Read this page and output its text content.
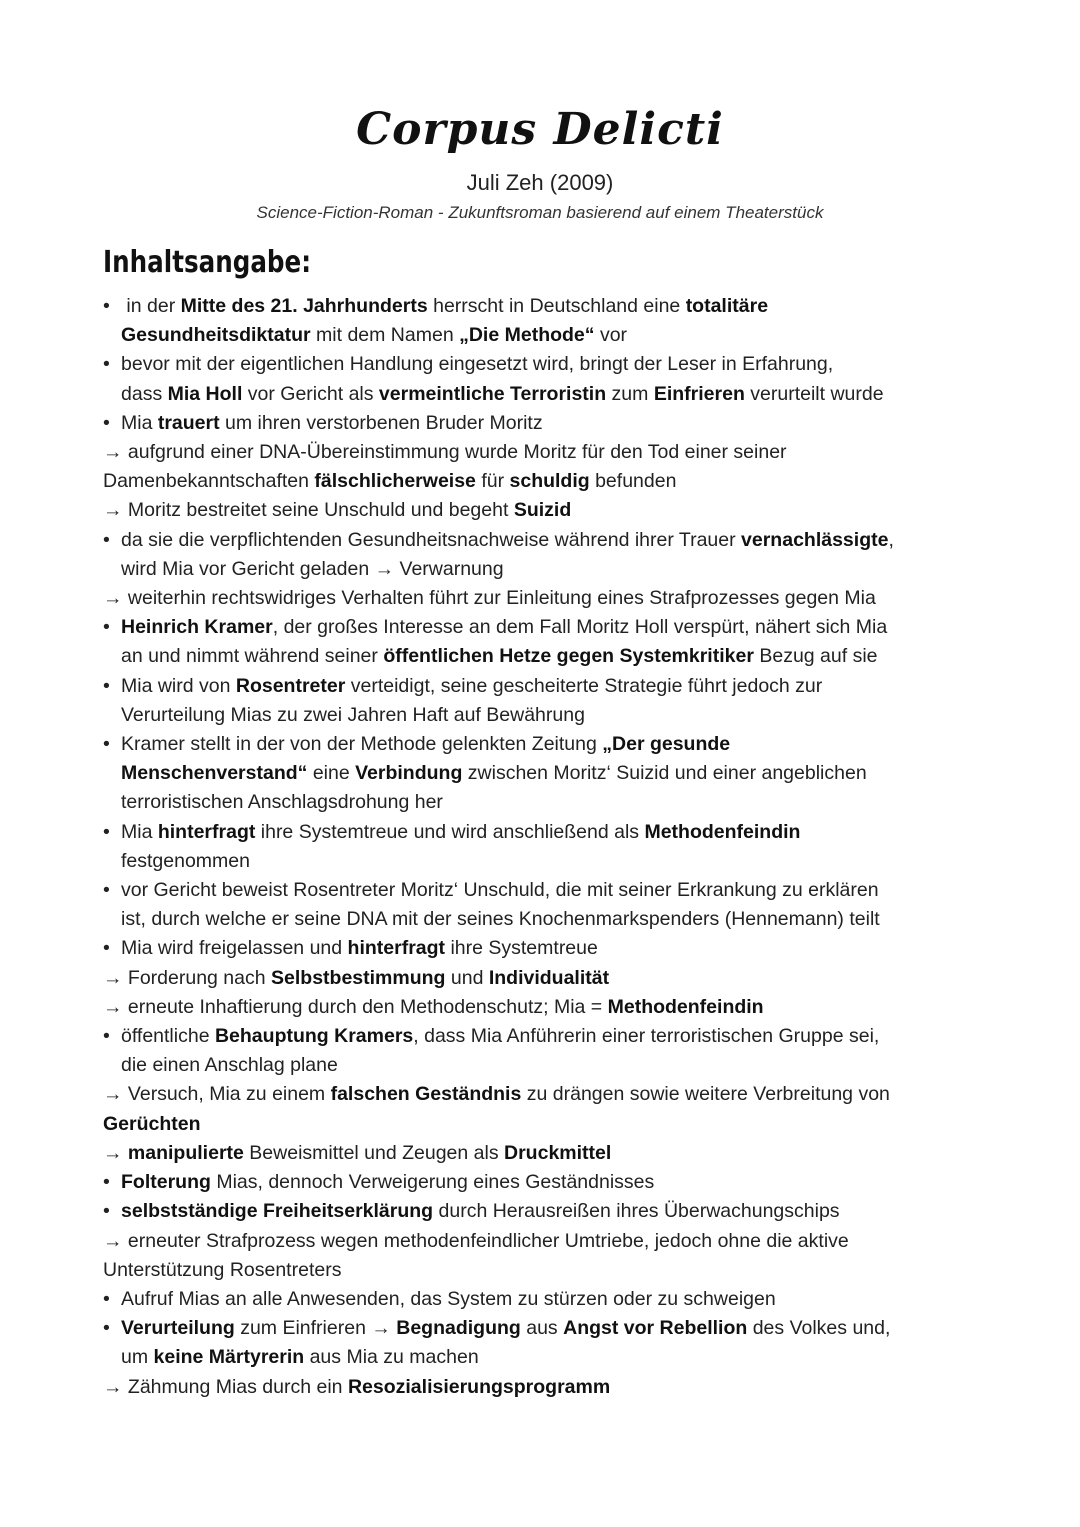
Corpus Delicti
Juli Zeh (2009)
Science-Fiction-Roman - Zukunftsroman basierend auf einem Theaterstück
Inhaltsangabe:
•  in der Mitte des 21. Jahrhunderts herrscht in Deutschland eine totalitäre
Gesundheitsdiktatur mit dem Namen „Die Methode“ vor
• bevor mit der eigentlichen Handlung eingesetzt wird, bringt der Leser in Erfahrung,
dass Mia Holl vor Gericht als vermeintliche Terroristin zum Einfrieren verurteilt wurde
• Mia trauert um ihren verstorbenen Bruder Moritz
→ aufgrund einer DNA-Übereinstimmung wurde Moritz für den Tod einer seiner
Damenbekanntschaften fälschlicherweise für schuldig befunden
→ Moritz bestreitet seine Unschuld und begeht Suizid
• da sie die verpflichtenden Gesundheitsnachweise während ihrer Trauer vernachlässigte,
wird Mia vor Gericht geladen → Verwarnung
→ weiterhin rechtswidriges Verhalten führt zur Einleitung eines Strafprozesses gegen Mia
• Heinrich Kramer, der großes Interesse an dem Fall Moritz Holl verspürt, nähert sich Mia
an und nimmt während seiner öffentlichen Hetze gegen Systemkritiker Bezug auf sie
• Mia wird von Rosentreter verteidigt, seine gescheiterte Strategie führt jedoch zur
Verurteilung Mias zu zwei Jahren Haft auf Bewährung
• Kramer stellt in der von der Methode gelenkten Zeitung „Der gesunde
Menschenverstand“ eine Verbindung zwischen Moritz‘ Suizid und einer angeblichen
terroristischen Anschlagsdrohung her
• Mia hinterfragt ihre Systemtreue und wird anschließend als Methodenfeindin
festgenommen
• vor Gericht beweist Rosentreter Moritz‘ Unschuld, die mit seiner Erkrankung zu erklären
ist, durch welche er seine DNA mit der seines Knochenmarkspenders (Hennemann) teilt
• Mia wird freigelassen und hinterfragt ihre Systemtreue
→ Forderung nach Selbstbestimmung und Individualität
→ erneute Inhaftierung durch den Methodenschutz; Mia = Methodenfeindin
• öffentliche Behauptung Kramers, dass Mia Anführerin einer terroristischen Gruppe sei,
die einen Anschlag plane
→ Versuch, Mia zu einem falschen Geständnis zu drängen sowie weitere Verbreitung von
Gerüchten
→ manipulierte Beweismittel und Zeugen als Druckmittel
• Folterung Mias, dennoch Verweigerung eines Geständnisses
• selbstständige Freiheitserklärung durch Herausreißen ihres Überwachungschips
→ erneuter Strafprozess wegen methodenfeindlicher Umtriebe, jedoch ohne die aktive
Unterstützung Rosentreters
• Aufruf Mias an alle Anwesenden, das System zu stürzen oder zu schweigen
• Verurteilung zum Einfrieren → Begnadigung aus Angst vor Rebellion des Volkes und,
um keine Märtyrerin aus Mia zu machen
→ Zähmung Mias durch ein Resozialisierungsprogramm
